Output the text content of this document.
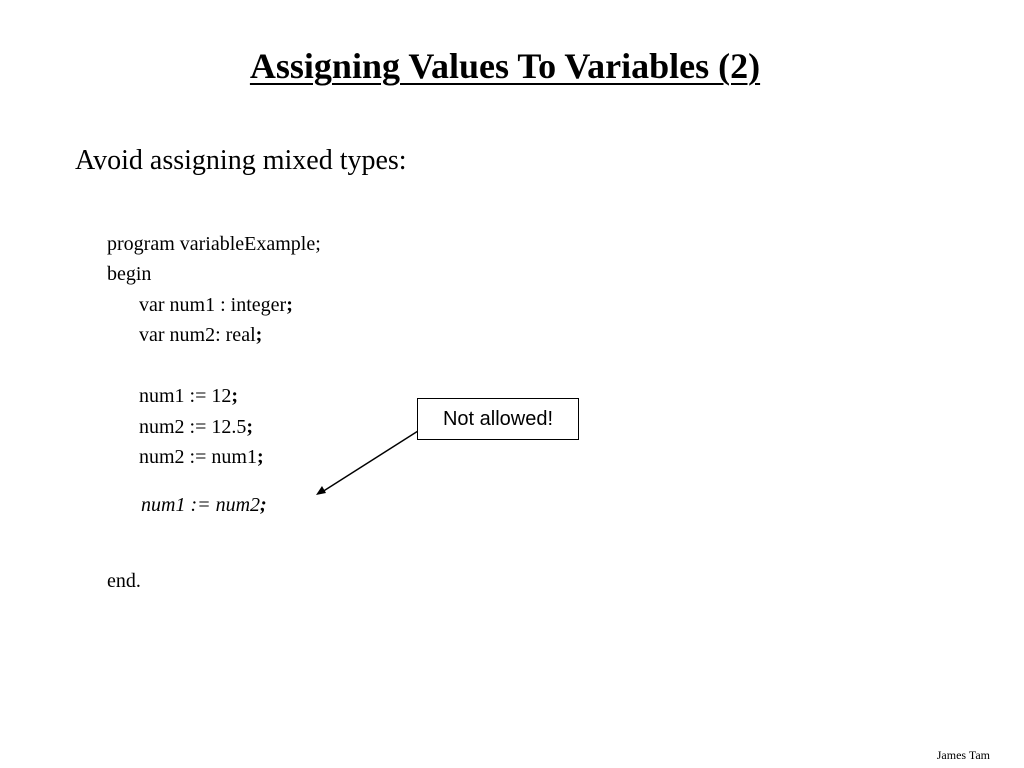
Assigning Values To Variables (2)

Avoid assigning mixed types:

program variableExample;

begin

var num1 : integer;

var num2: real;

num1 := 12;

num2 := 12.5;

num2 := num1;

num1 := num2;

end.

Not allowed!
James Tam
